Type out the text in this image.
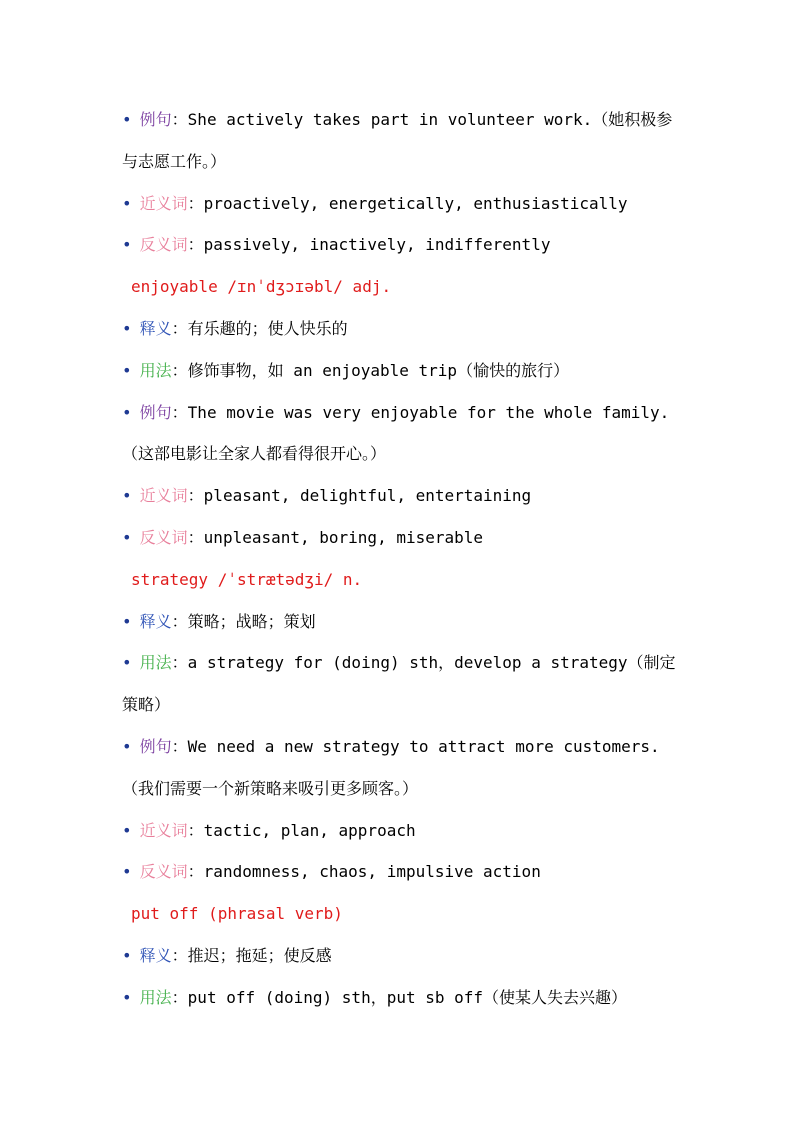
• 例句：She actively takes part in volunteer work.（她积极参
与志愿工作。）
• 近义词：proactively, energetically, enthusiastically
• 反义词：passively, inactively, indifferently
enjoyable /ɪnˈdʒɔɪəbl/ adj.
• 释义：有乐趣的；使人快乐的
• 用法：修饰事物，如 an enjoyable trip（愉快的旅行）
• 例句：The movie was very enjoyable for the whole family.
（这部电影让全家人都看得很开心。）
• 近义词：pleasant, delightful, entertaining
• 反义词：unpleasant, boring, miserable
strategy /ˈstrætədʒi/ n.
• 释义：策略；战略；策划
• 用法：a strategy for (doing) sth，develop a strategy（制定
策略）
• 例句：We need a new strategy to attract more customers.
（我们需要一个新策略来吸引更多顾客。）
• 近义词：tactic, plan, approach
• 反义词：randomness, chaos, impulsive action
put off (phrasal verb)
• 释义：推迟；拖延；使反感
• 用法：put off (doing) sth，put sb off（使某人失去兴趣）
